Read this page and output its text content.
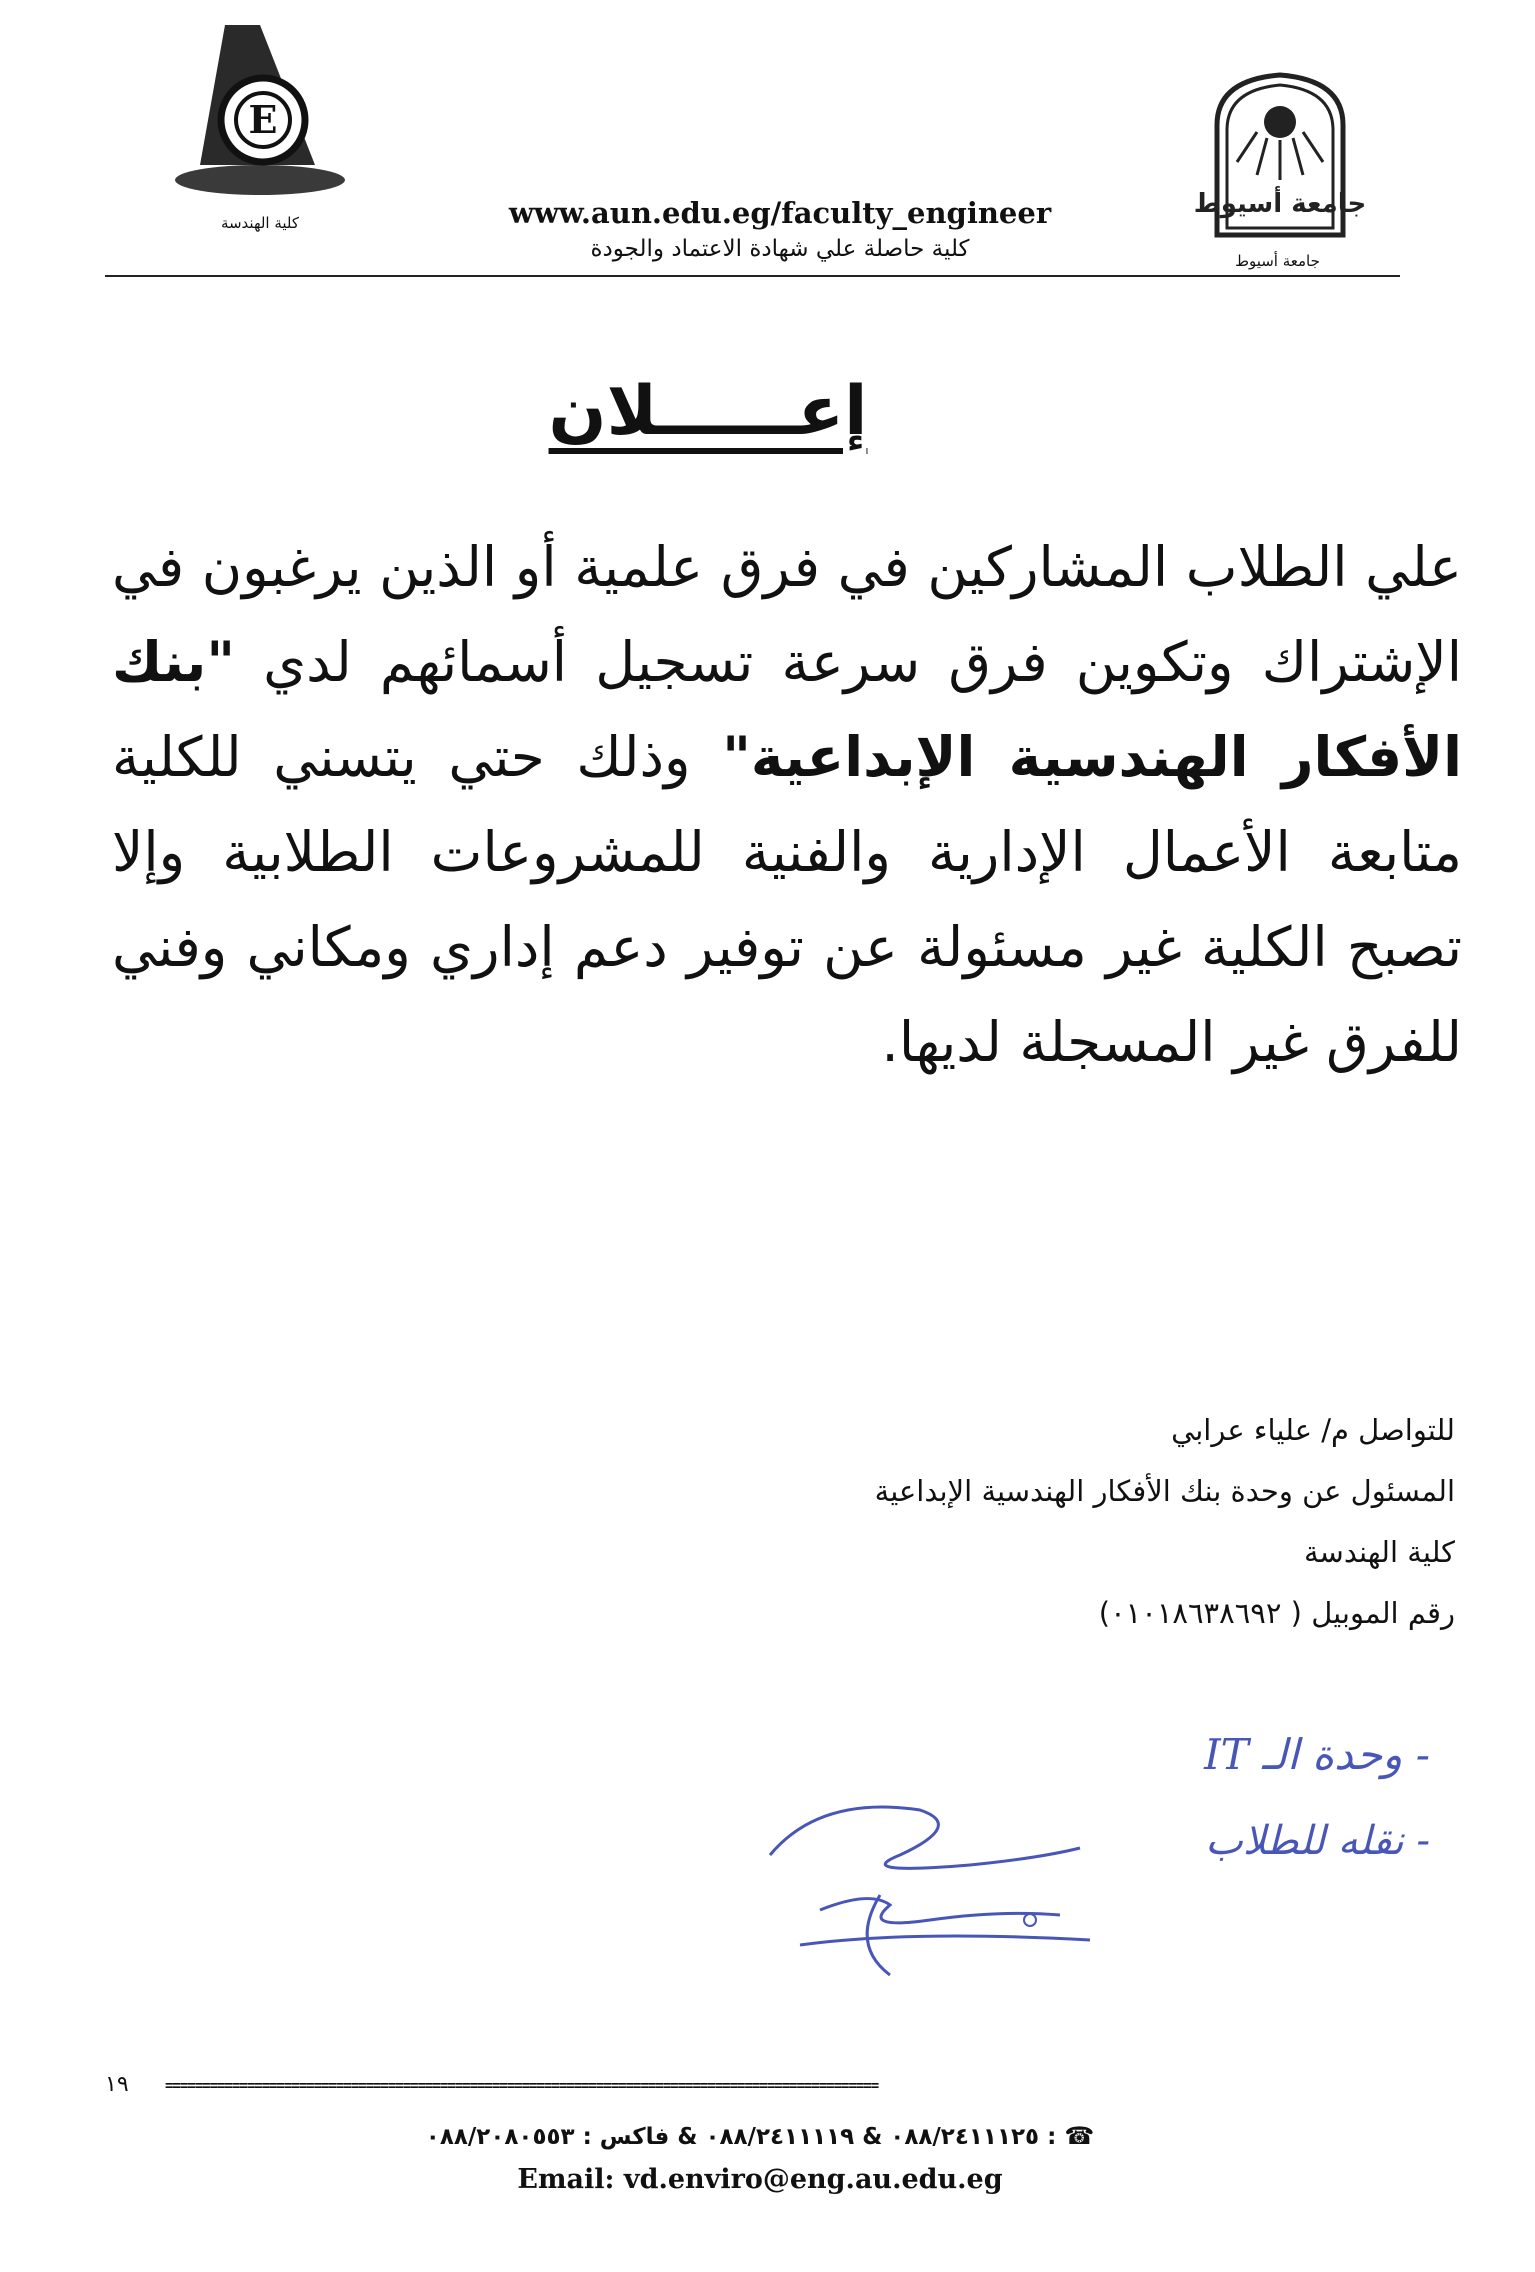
جامعة أسيوط
جامعة أسيوط
E
كلية الهندسة	www.aun.edu.eg/faculty_engineer
كلية حاصلة علي شهادة الاعتماد والجودة
إعــــــلان
علي الطلاب المشاركين في فرق علمية أو الذين يرغبون في الإشتراك وتكوين فرق سرعة تسجيل أسمائهم لدي "بنك الأفكار الهندسية الإبداعية" وذلك حتي يتسني للكلية متابعة الأعمال الإدارية والفنية للمشروعات الطلابية وإلا تصبح الكلية غير مسئولة عن توفير دعم إداري ومكاني وفني للفرق غير المسجلة لديها.
للتواصل م/ علياء عرابي
المسئول عن وحدة بنك الأفكار الهندسية الإبداعية
كلية الهندسة
رقم الموبيل ( ٠١٠١٨٦٣٨٦٩٢)
- وحدة الـ IT
- نقله للطلاب
١٩	================================================================================================
☎ : ٠٨٨/٢٤١١١٢٥ & ٠٨٨/٢٤١١١١٩ & فاكس : ٠٨٨/٢٠٨٠٥٥٣
Email: vd.enviro@eng.au.edu.eg
